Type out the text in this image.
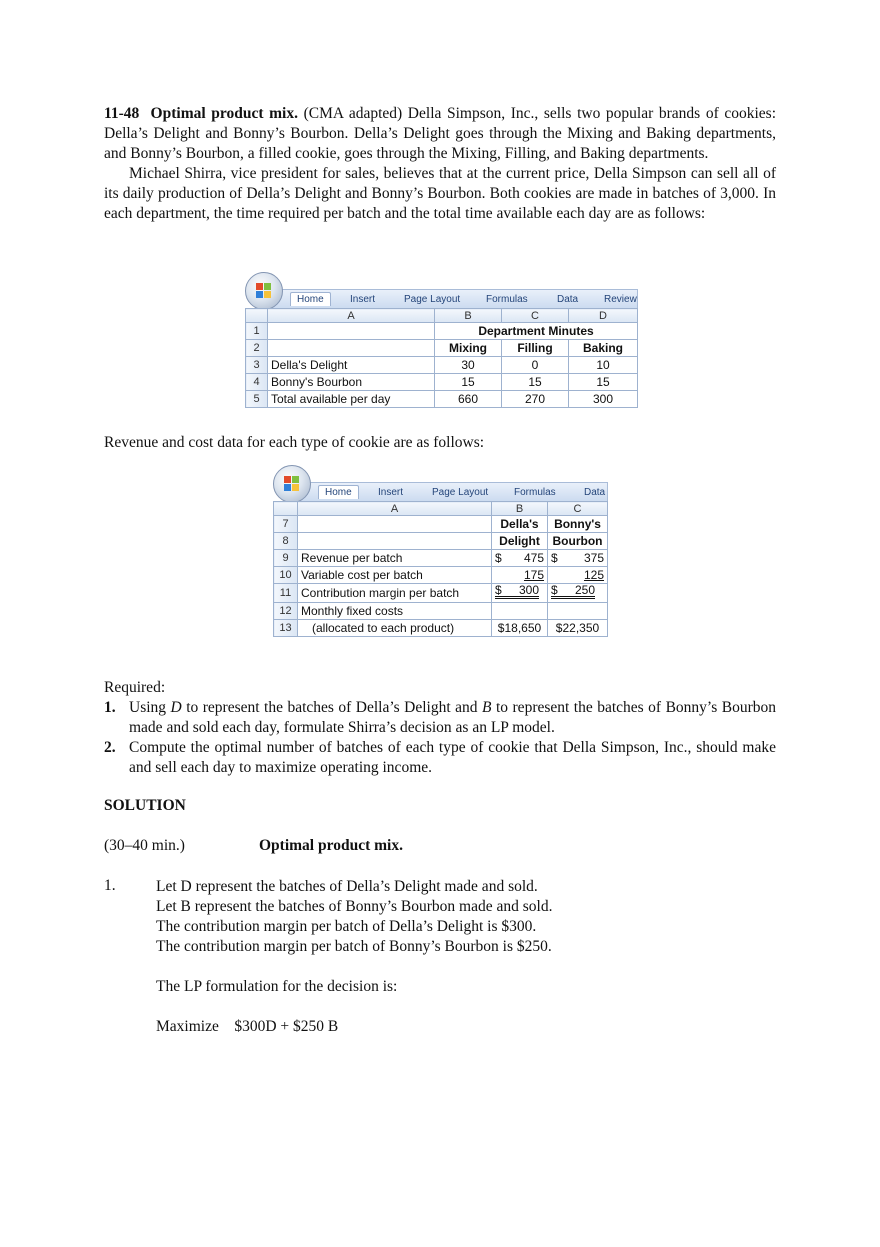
11-48 Optimal product mix. (CMA adapted) Della Simpson, Inc., sells two popular brands of cookies: Della’s Delight and Bonny’s Bourbon. Della’s Delight goes through the Mixing and Baking departments, and Bonny’s Bourbon, a filled cookie, goes through the Mixing, Filling, and Baking departments.

Michael Shirra, vice president for sales, believes that at the current price, Della Simpson can sell all of its daily production of Della’s Delight and Bonny’s Bourbon. Both cookies are made in batches of 3,000. In each department, the time required per batch and the total time available each day are as follows:

Home	Insert	Page Layout	Formulas	Data	Review
	A	B	C	D
1		Department Minutes		
2		Mixing	Filling	Baking
3	Della's Delight	30	0	10
4	Bonny's Bourbon	15	15	15
5	Total available per day	660	270	300

Revenue and cost data for each type of cookie are as follows:

Home	Insert	Page Layout	Formulas	Data
	A	B	C
7		Della's	Bonny's
8		Delight	Bourbon
9	Revenue per batch	$ 475	$ 375

10	Variable cost per batch	175	125
11	Contribution margin per batch	$ 300	$ 250

12	Monthly fixed costs		
13	(allocated to each product)	$18,650	$22,350

Required:

1. Using D to represent the batches of Della’s Delight and B to represent the batches of Bonny’s Bourbon made and sold each day, formulate Shirra’s decision as an LP model.

2. Compute the optimal number of batches of each type of cookie that Della Simpson, Inc., should make and sell each day to maximize operating income.

SOLUTION
(30–40 min.)	Optimal product mix.
1.	Let D represent the batches of Della’s Delight made and sold.

Let B represent the batches of Bonny’s Bourbon made and sold.

The contribution margin per batch of Della’s Delight is $300.

The contribution margin per batch of Bonny’s Bourbon is $250.

The LP formulation for the decision is:

Maximize $300D + $250 B
